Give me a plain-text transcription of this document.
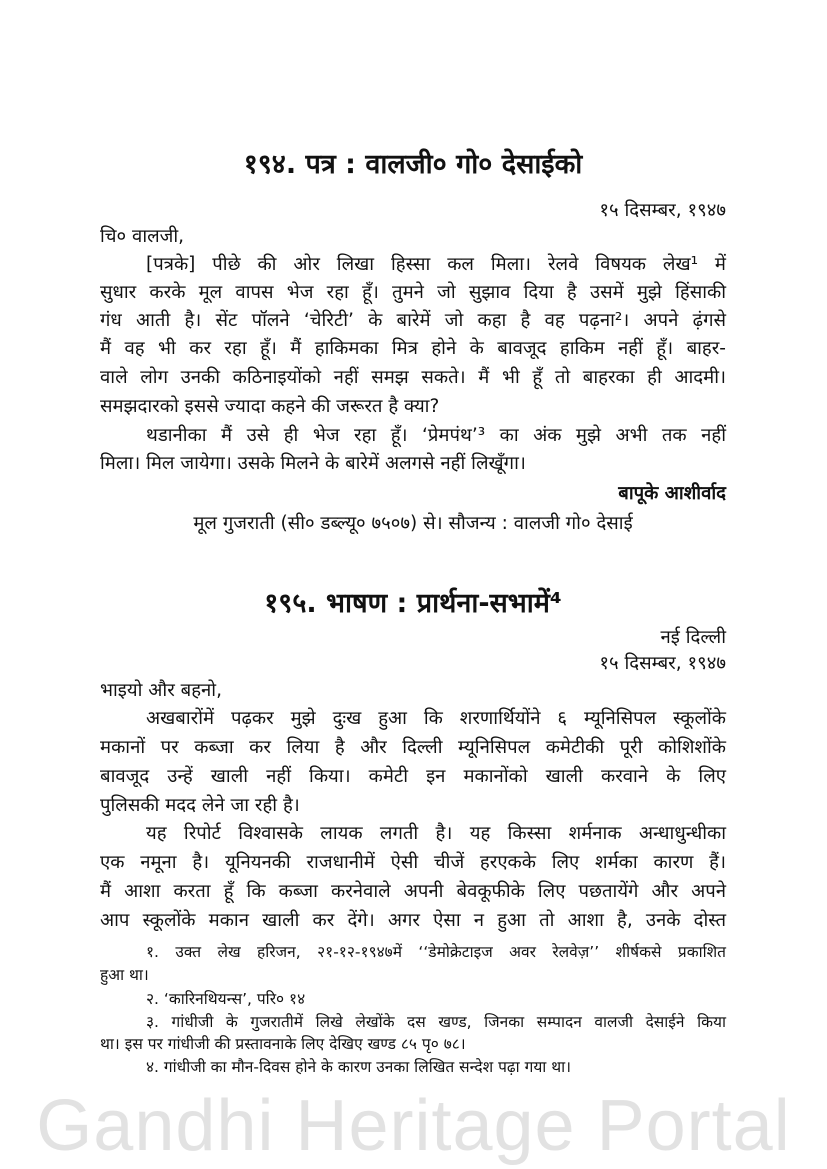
१९४. पत्र : वालजी० गो० देसाईको
१५ दिसम्बर, १९४७
चि० वालजी,
[पत्रके] पीछे की ओर लिखा हिस्सा कल मिला। रेलवे विषयक लेख¹ में
सुधार करके मूल वापस भेज रहा हूँ। तुमने जो सुझाव दिया है उसमें मुझे हिंसाकी
गंध आती है। सेंट पॉलने ‘चेरिटी’ के बारेमें जो कहा है वह पढ़ना²। अपने ढ़ंगसे
मैं वह भी कर रहा हूँ। मैं हाकिमका मित्र होने के बावजूद हाकिम नहीं हूँ। बाहर-
वाले लोग उनकी कठिनाइयोंको नहीं समझ सकते। मैं भी हूँ तो बाहरका ही आदमी।
समझदारको इससे ज्यादा कहने की जरूरत है क्या?
थडानीका मैं उसे ही भेज रहा हूँ। ‘प्रेमपंथ’³ का अंक मुझे अभी तक नहीं
मिला। मिल जायेगा। उसके मिलने के बारेमें अलगसे नहीं लिखूँगा।
बापूके आशीर्वाद
मूल गुजराती (सी० डब्ल्यू० ७५०७) से। सौजन्य : वालजी गो० देसाई
१९५. भाषण : प्रार्थना-सभामें⁴
नई दिल्ली
१५ दिसम्बर, १९४७
भाइयो और बहनो,
अखबारोंमें पढ़कर मुझे दुःख हुआ कि शरणार्थियोंने ६ म्यूनिसिपल स्कूलोंके
मकानों पर कब्जा कर लिया है और दिल्ली म्यूनिसिपल कमेटीकी पूरी कोशिशोंके
बावजूद उन्हें खाली नहीं किया। कमेटी इन मकानोंको खाली करवाने के लिए
पुलिसकी मदद लेने जा रही है।
यह रिपोर्ट विश्वासके लायक लगती है। यह किस्सा शर्मनाक अन्धाधुन्धीका
एक नमूना है। यूनियनकी राजधानीमें ऐसी चीजें हरएकके लिए शर्मका कारण हैं।
मैं आशा करता हूँ कि कब्जा करनेवाले अपनी बेवकूफीके लिए पछतायेंगे और अपने
आप स्कूलोंके मकान खाली कर देंगे। अगर ऐसा न हुआ तो आशा है, उनके दोस्त
१. उक्त लेख हरिजन, २१-१२-१९४७में ‘‘डेमोक्रेटाइज अवर रेलवेज़’’ शीर्षकसे प्रकाशित
हुआ था।
२. ‘कारिनथियन्स’, परि० १४
३. गांधीजी के गुजरातीमें लिखे लेखोंके दस खण्ड, जिनका सम्पादन वालजी देसाईने किया
था। इस पर गांधीजी की प्रस्तावनाके लिए देखिए खण्ड ८५ पृ० ७८।
४. गांधीजी का मौन-दिवस होने के कारण उनका लिखित सन्देश पढ़ा गया था।
Gandhi Heritage Portal
